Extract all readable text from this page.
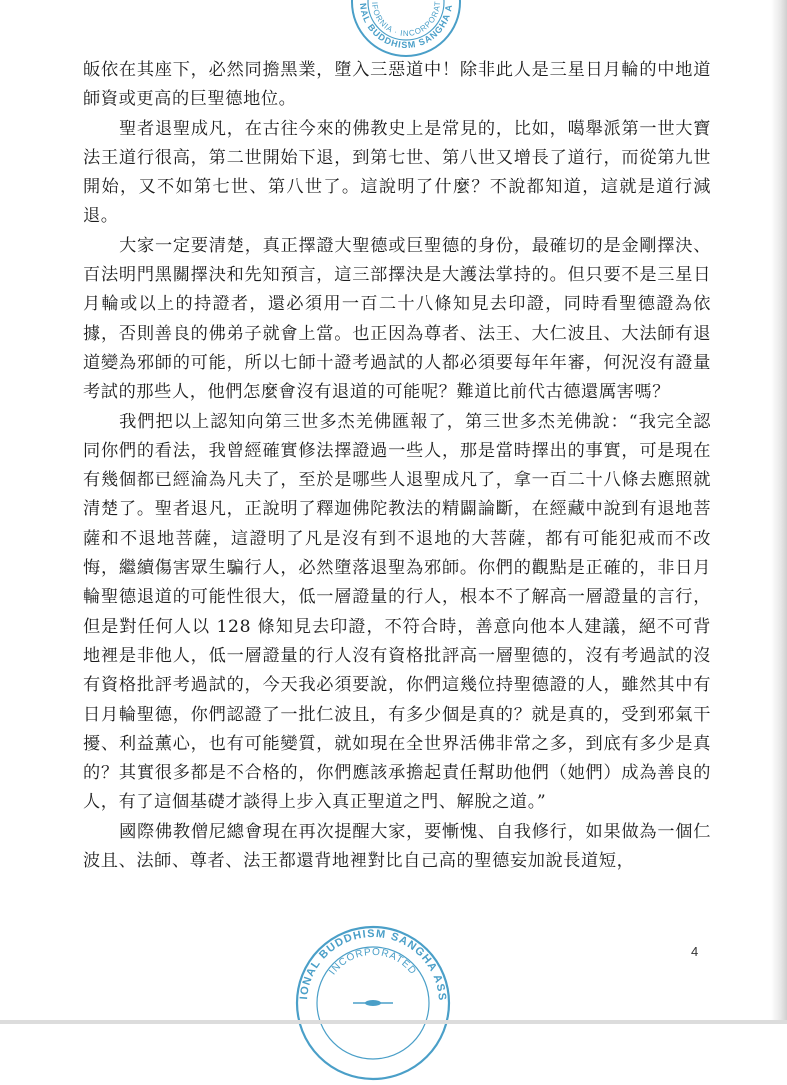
NAL BUDDHISM SANGHA A
IFORNIA · INCORPORAT

皈依在其座下，必然同擔黑業，墮入三惡道中！除非此人是三星日月輪的中地道師資或更高的巨聖德地位。

聖者退聖成凡，在古往今來的佛教史上是常見的，比如，噶舉派第一世大寶法王道行很高，第二世開始下退，到第七世、第八世又增長了道行，而從第九世開始，又不如第七世、第八世了。這說明了什麼？不說都知道，這就是道行減退。

大家一定要清楚，真正擇證大聖德或巨聖德的身份，最確切的是金剛擇決、百法明門黑關擇決和先知預言，這三部擇決是大護法掌持的。但只要不是三星日月輪或以上的持證者，還必須用一百二十八條知見去印證，同時看聖德證為依據，否則善良的佛弟子就會上當。也正因為尊者、法王、大仁波且、大法師有退道變為邪師的可能，所以七師十證考過試的人都必須要每年年審，何況沒有證量考試的那些人，他們怎麼會沒有退道的可能呢？難道比前代古德還厲害嗎？

我們把以上認知向第三世多杰羌佛匯報了，第三世多杰羌佛說：“我完全認同你們的看法，我曾經確實修法擇證過一些人，那是當時擇出的事實，可是現在有幾個都已經淪為凡夫了，至於是哪些人退聖成凡了，拿一百二十八條去應照就清楚了。聖者退凡，正說明了釋迦佛陀教法的精闢論斷，在經藏中說到有退地菩薩和不退地菩薩，這證明了凡是沒有到不退地的大菩薩，都有可能犯戒而不改悔，繼續傷害眾生騙行人，必然墮落退聖為邪師。你們的觀點是正確的，非日月輪聖德退道的可能性很大，低一層證量的行人，根本不了解高一層證量的言行，但是對任何人以 128 條知見去印證，不符合時，善意向他本人建議，絕不可背地裡是非他人，低一層證量的行人沒有資格批評高一層聖德的，沒有考過試的沒有資格批評考過試的，今天我必須要說，你們這幾位持聖德證的人，雖然其中有日月輪聖德，你們認證了一批仁波且，有多少個是真的？就是真的，受到邪氣干擾、利益薰心，也有可能變質，就如現在全世界活佛非常之多，到底有多少是真的？其實很多都是不合格的，你們應該承擔起責任幫助他們（她們）成為善良的人，有了這個基礎才談得上步入真正聖道之門、解脫之道。”

國際佛教僧尼總會現在再次提醒大家，要慚愧、自我修行，如果做為一個仁波且、法師、尊者、法王都還背地裡對比自己高的聖德妄加說長道短，

4
INTERNATIONAL BUDDHISM SANGHA ASSOCIATION
INCORPORATED
